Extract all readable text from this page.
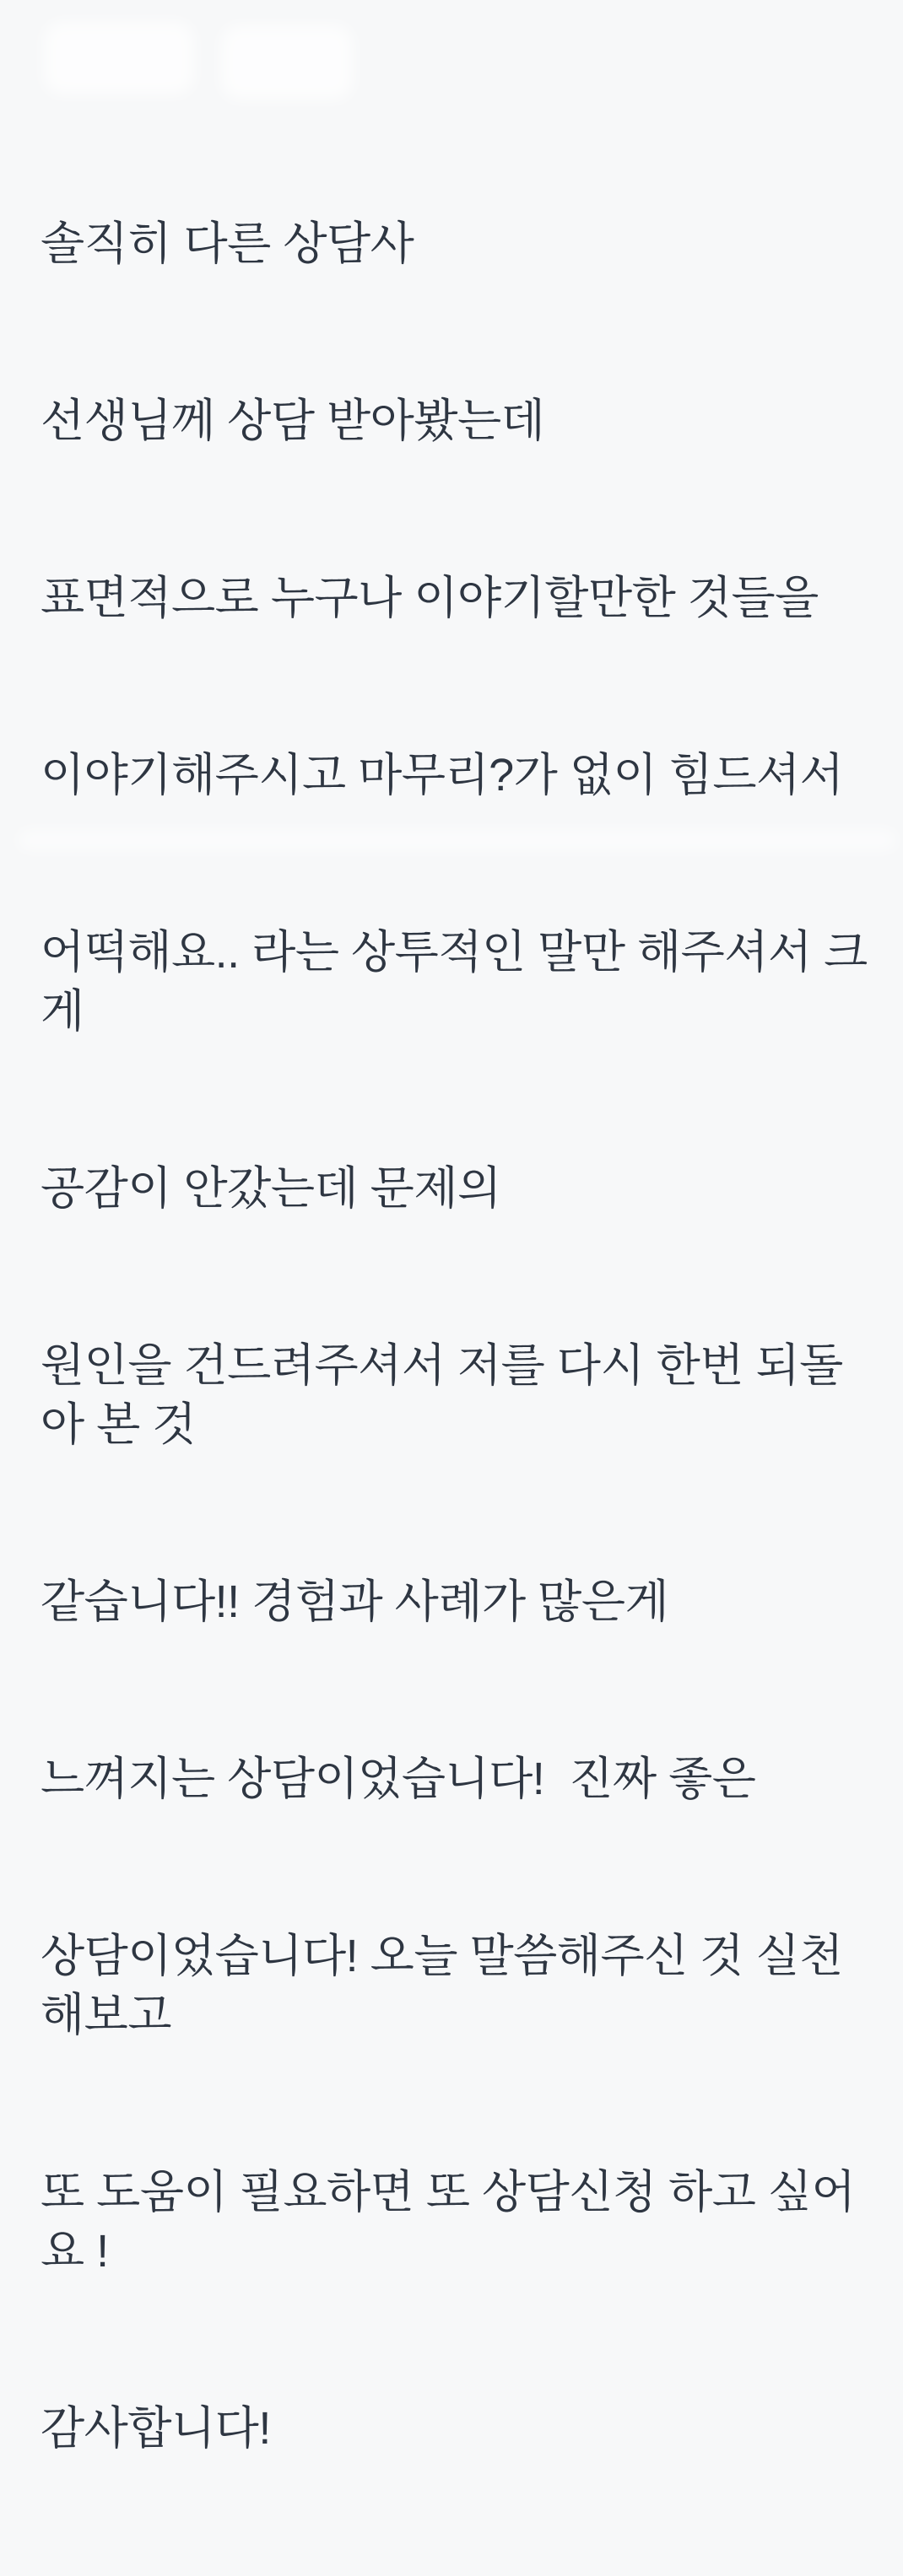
솔직히 다른 상담사

선생님께 상담 받아봤는데

표면적으로 누구나 이야기할만한 것들을

이야기해주시고 마무리?가 없이 힘드셔서

어떡해요.. 라는 상투적인 말만 해주셔서 크게

공감이 안갔는데 문제의

원인을 건드려주셔서 저를 다시 한번 되돌아 본 것

같습니다!! 경험과 사례가 많은게

느껴지는 상담이었습니다!  진짜 좋은

상담이었습니다! 오늘 말씀해주신 것 실천해보고

또 도움이 필요하면 또 상담신청 하고 싶어요 !

감사합니다!
